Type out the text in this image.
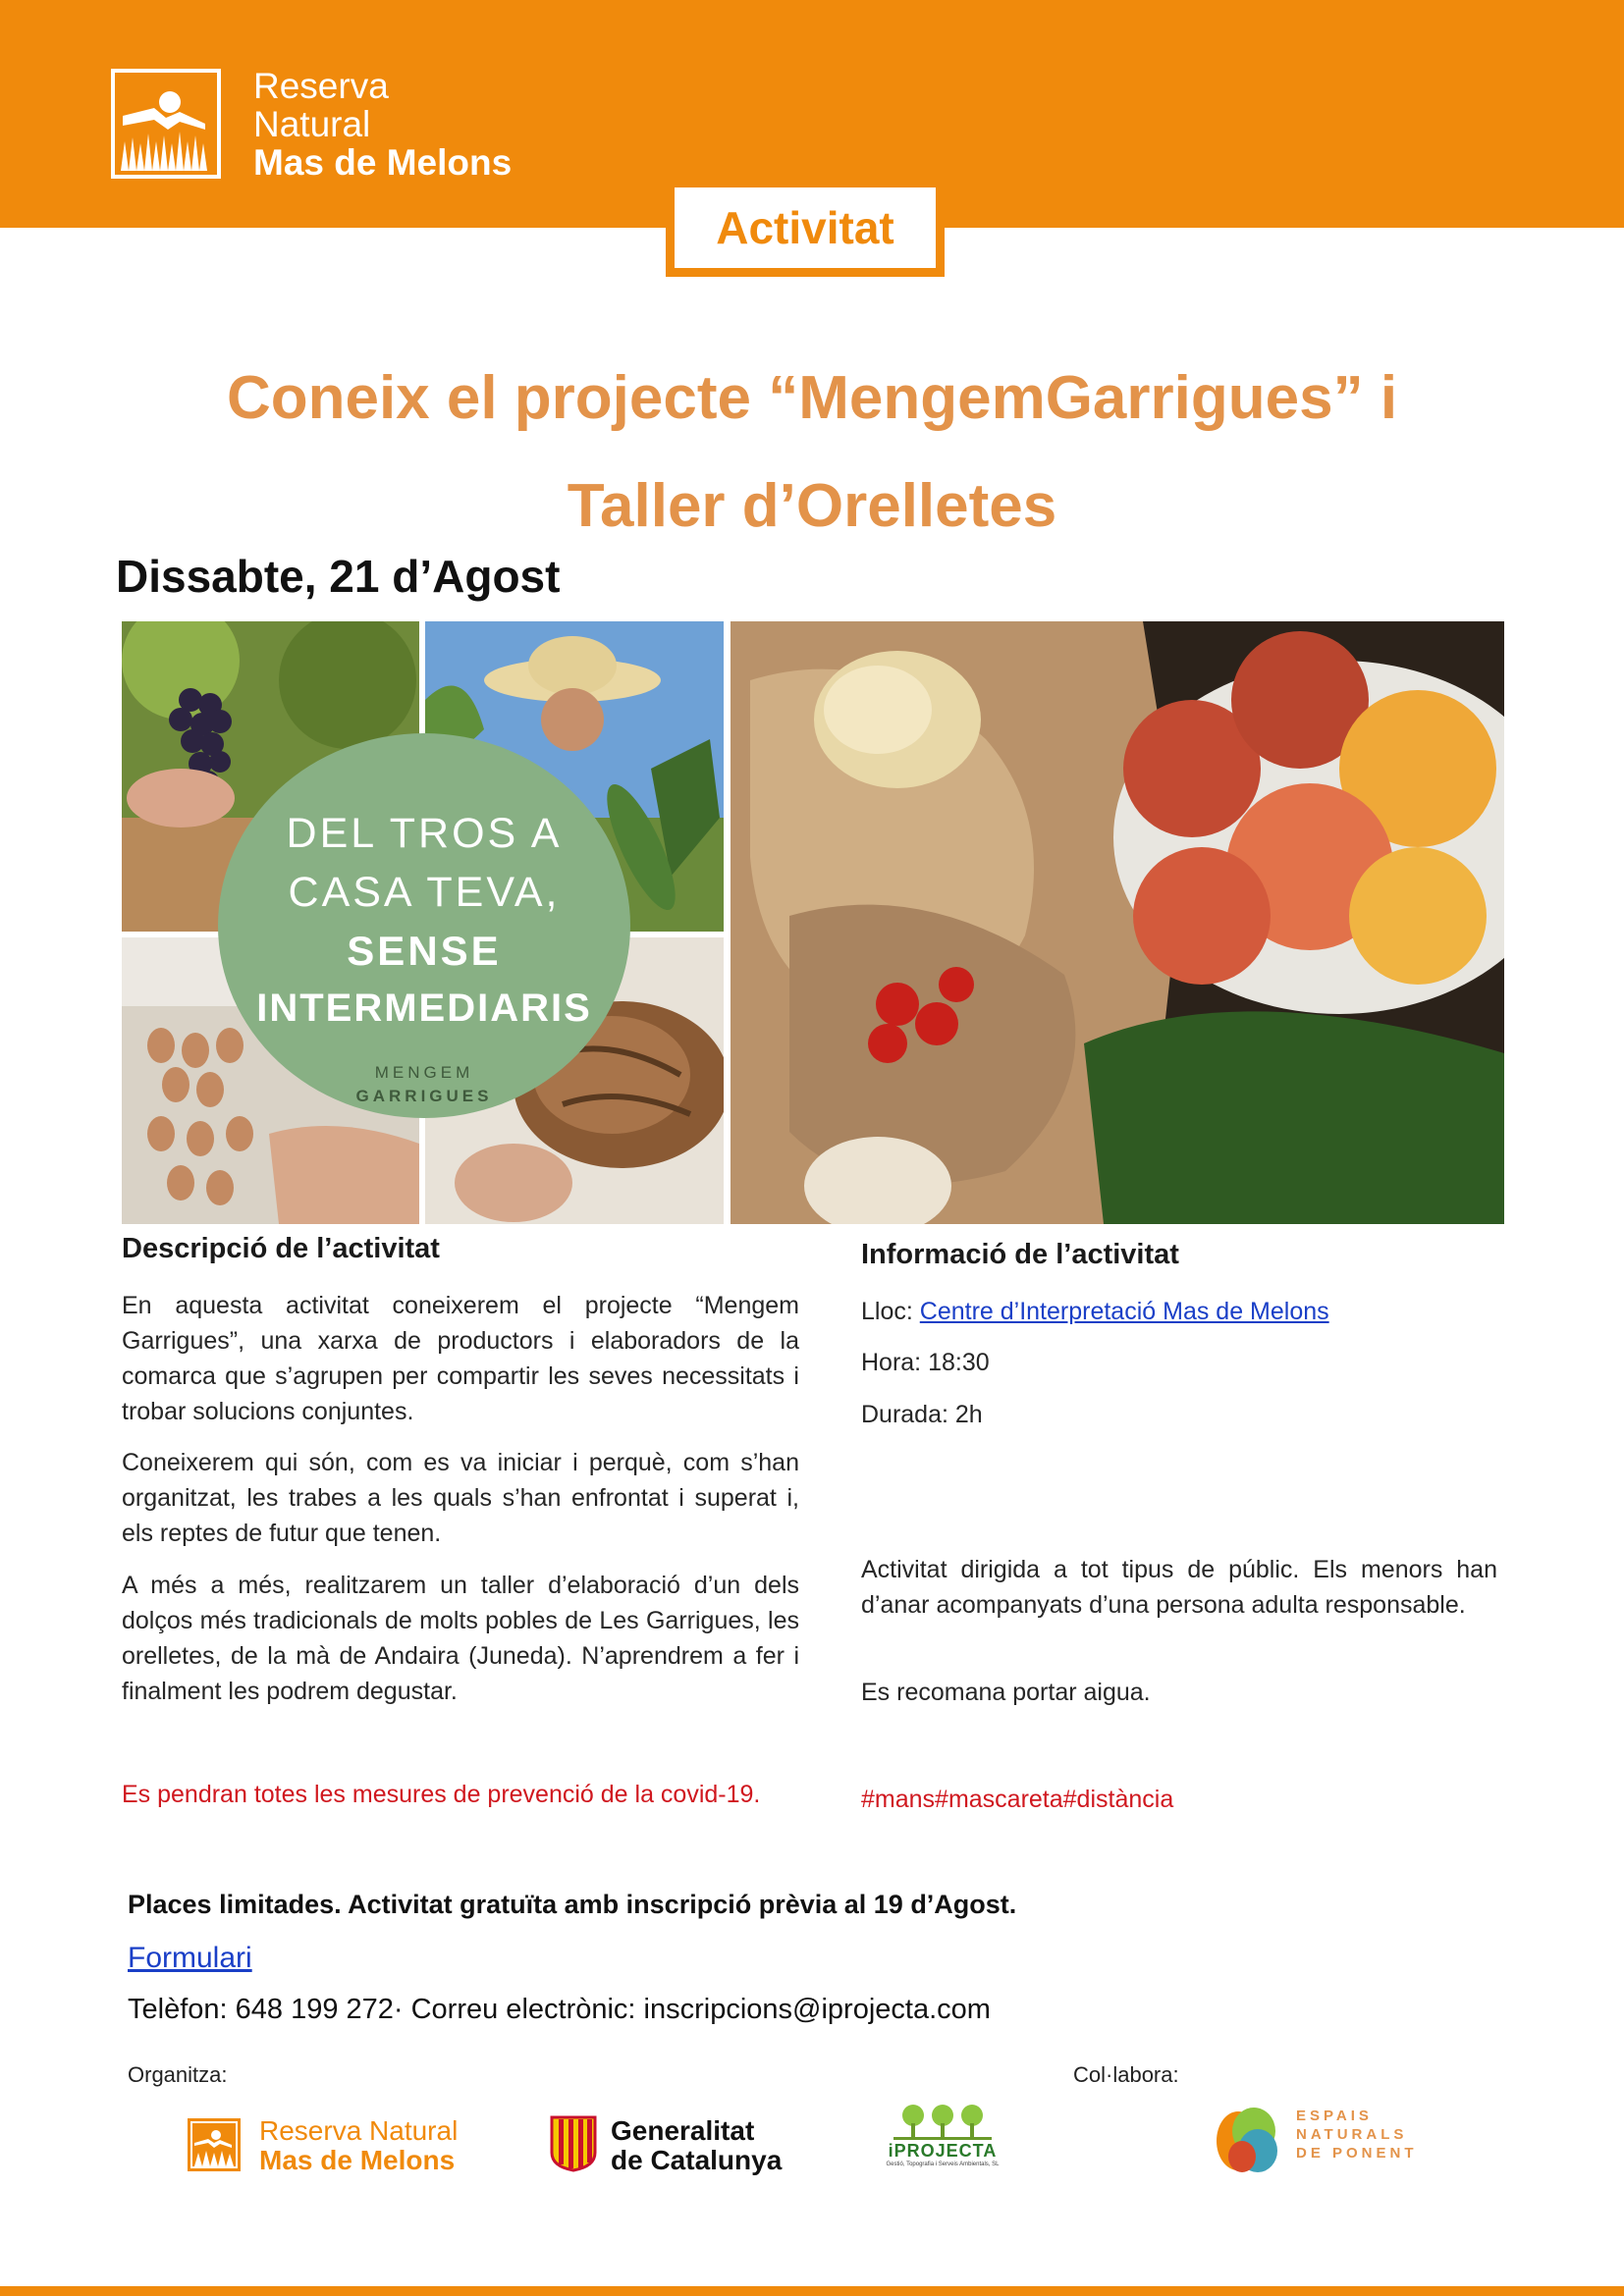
Reserva
Natural
Mas de Melons
Activitat
Coneix el projecte “MengemGarrigues” i
Taller d’Orelletes
Dissabte, 21 d’Agost
DEL TROS A
CASA TEVA,
SENSE
INTERMEDIARIS
MENGEM
GARRIGUES
Descripció de l’activitat

En aquesta activitat coneixerem el projecte “Mengem Garrigues”, una xarxa de productors i elaboradors de la comarca que s’agrupen per compartir les seves necessitats i trobar solucions conjuntes.

Coneixerem qui són, com es va iniciar i perquè, com s’han organitzat, les trabes a les quals s’han enfrontat i superat i, els reptes de futur que tenen.

A més a més, realitzarem un taller d’elaboració d’un dels dolços més tradicionals de molts pobles de Les Garrigues, les orelletes, de la mà de Andaira (Juneda). N’aprendrem a fer i finalment les podrem degustar.

Es pendran totes les mesures de prevenció de la covid-19.

Informació de l’activitat
Lloc: Centre d’Interpretació Mas de Melons
Hora: 18:30
Durada: 2h

Activitat dirigida a tot tipus de públic. Els menors han d’anar acompanyats d’una persona adulta responsable.

Es recomana portar aigua.

#mans#mascareta#distància

Places limitades. Activitat gratuïta amb inscripció prèvia al 19 d’Agost.
Formulari
Telèfon: 648 199 272· Correu electrònic: inscripcions@iprojecta.com
Organitza:	Col·labora:
Reserva Natural
Mas de Melons
Generalitat
de Catalunya	iPROJECTA
Gestió, Topografia i Serveis Ambientals, SL
ESPAIS
NATURALS
DE PONENT
